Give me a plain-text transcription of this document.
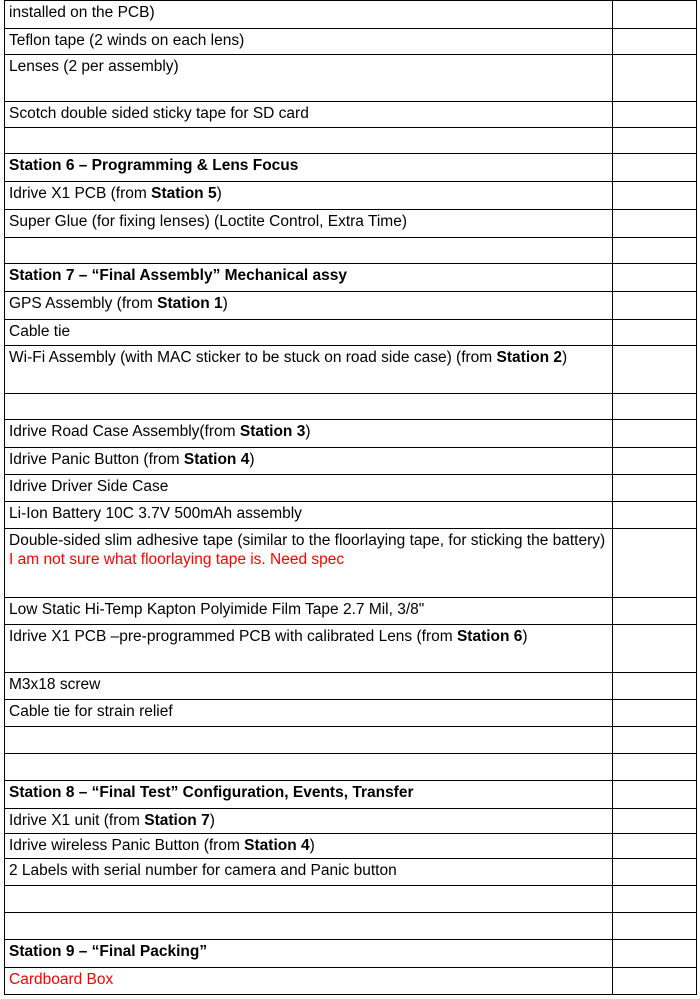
installed on the PCB)	
Teflon tape (2 winds on each lens)	
Lenses (2 per assembly)	
Scotch double sided sticky tape for SD card	

Station 6 – Programming & Lens Focus	
Idrive X1 PCB (from Station 5)	
Super Glue (for fixing lenses) (Loctite Control, Extra Time)	

Station 7 – “Final Assembly” Mechanical assy	
GPS Assembly (from Station 1)	
Cable tie	
Wi-Fi Assembly (with MAC sticker to be stuck on road side case) (from Station 2)	

Idrive Road Case Assembly(from Station 3)	
Idrive Panic Button (from Station 4)	
Idrive Driver Side Case	
Li-Ion Battery 10C 3.7V 500mAh assembly	
Double-sided slim adhesive tape (similar to the floorlaying tape, for sticking the battery) I am not sure what floorlaying tape is. Need spec	
Low Static Hi-Temp Kapton Polyimide Film Tape 2.7 Mil, 3/8"	
Idrive X1 PCB –pre-programmed PCB with calibrated Lens (from Station 6)	
M3x18 screw	
Cable tie for strain relief	

Station 8 – “Final Test” Configuration, Events, Transfer	
Idrive X1 unit (from Station 7)	
Idrive wireless Panic Button (from Station 4)	
2 Labels with serial number for camera and Panic button	

Station 9 – “Final Packing”	
Cardboard Box	
